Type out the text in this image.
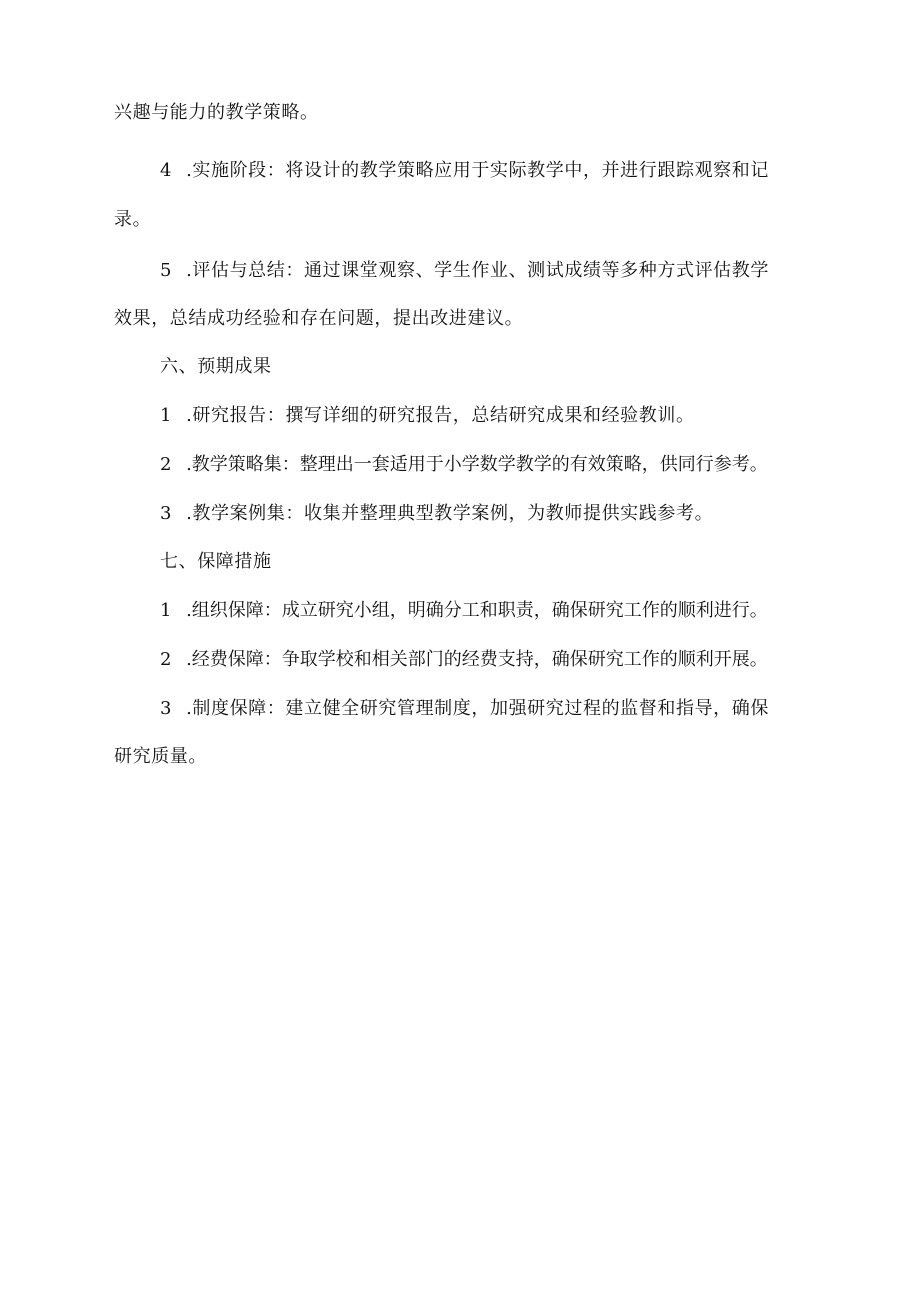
兴趣与能力的教学策略。

4 .实施阶段：将设计的教学策略应用于实际教学中，并进行跟踪观察和记

录。

5 .评估与总结：通过课堂观察、学生作业、测试成绩等多种方式评估教学

效果，总结成功经验和存在问题，提出改进建议。

六、预期成果

1 .研究报告：撰写详细的研究报告，总结研究成果和经验教训。

2 .教学策略集：整理出一套适用于小学数学教学的有效策略，供同行参考。

3 .教学案例集：收集并整理典型教学案例，为教师提供实践参考。

七、保障措施

1 .组织保障：成立研究小组，明确分工和职责，确保研究工作的顺利进行。

2 .经费保障：争取学校和相关部门的经费支持，确保研究工作的顺利开展。

3 .制度保障：建立健全研究管理制度，加强研究过程的监督和指导，确保

研究质量。
